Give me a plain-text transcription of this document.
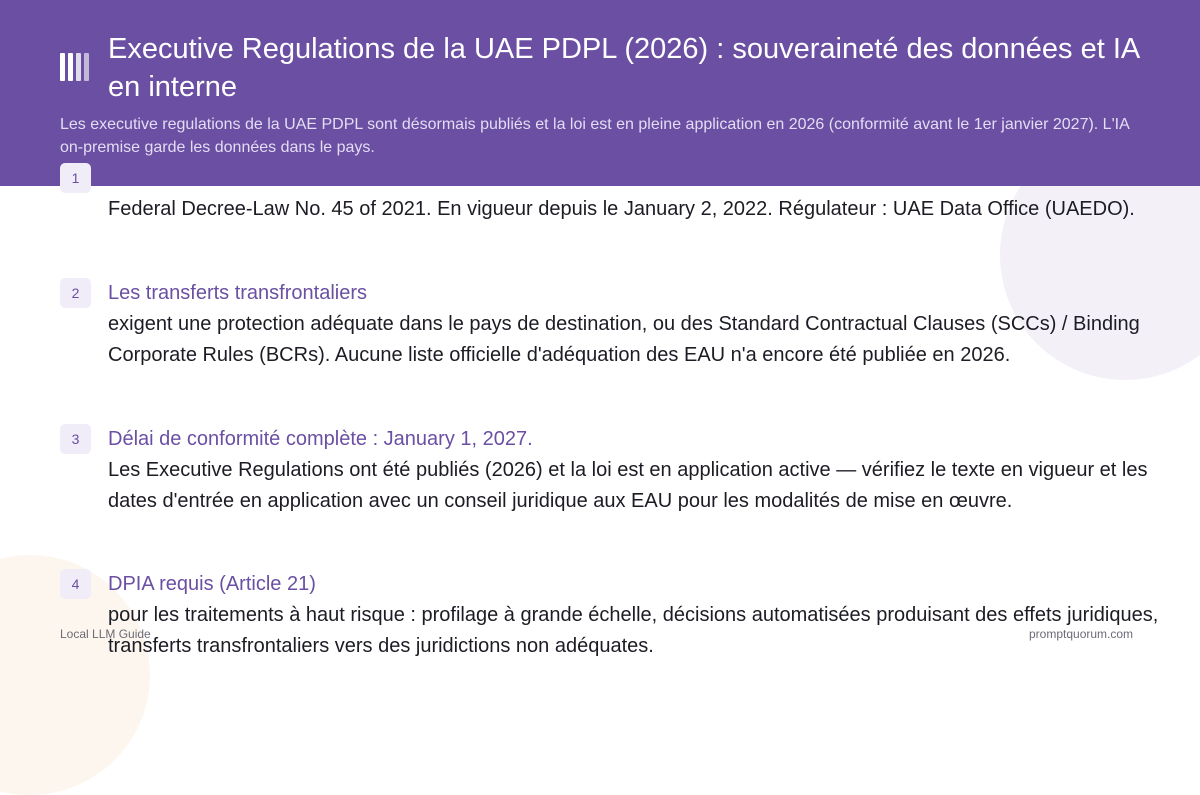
Executive Regulations de la UAE PDPL (2026) : souveraineté des données et IA en interne

Les executive regulations de la UAE PDPL sont désormais publiés et la loi est en pleine application en 2026 (conformité avant le 1er janvier 2027). L'IA on-premise garde les données dans le pays.

1

Federal Decree-Law No. 45 of 2021. En vigueur depuis le January 2, 2022. Régulateur : UAE Data Office (UAEDO).

2	Les transferts transfrontaliers

exigent une protection adéquate dans le pays de destination, ou des Standard Contractual Clauses (SCCs) / Binding Corporate Rules (BCRs). Aucune liste officielle d'adéquation des EAU n'a encore été publiée en 2026.

3	Délai de conformité complète : January 1, 2027.

Les Executive Regulations ont été publiés (2026) et la loi est en application active — vérifiez le texte en vigueur et les dates d'entrée en application avec un conseil juridique aux EAU pour les modalités de mise en œuvre.

4	DPIA requis (Article 21)

pour les traitements à haut risque : profilage à grande échelle, décisions automatisées produisant des effets juridiques, transferts transfrontaliers vers des juridictions non adéquates.

Local LLM Guide	promptquorum.com
